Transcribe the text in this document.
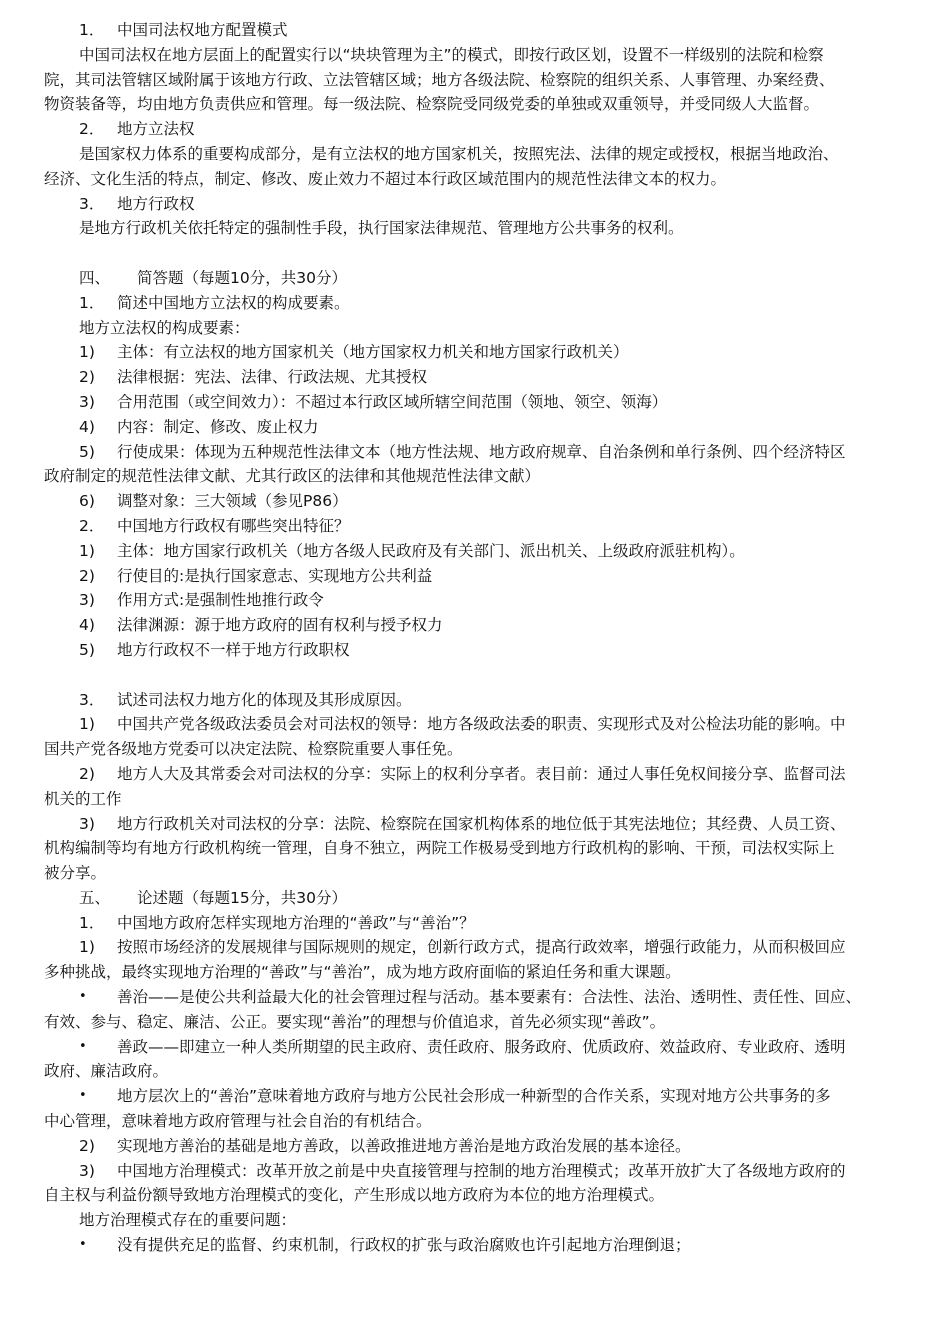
1． 中国司法权地方配置模式
中国司法权在地方层面上的配置实行以“块块管理为主”的模式，即按行政区划，设置不一样级别的法院和检察
院，其司法管辖区域附属于该地方行政、立法管辖区域；地方各级法院、检察院的组织关系、人事管理、办案经费、
物资装备等，均由地方负责供应和管理。每一级法院、检察院受同级党委的单独或双重领导，并受同级人大监督。
2． 地方立法权
是国家权力体系的重要构成部分，是有立法权的地方国家机关，按照宪法、法律的规定或授权，根据当地政治、
经济、文化生活的特点，制定、修改、废止效力不超过本行政区域范围内的规范性法律文本的权力。
3． 地方行政权
是地方行政机关依托特定的强制性手段，执行国家法律规范、管理地方公共事务的权利。
四、	简答题（每题10分，共30分）
1． 简述中国地方立法权的构成要素。
地方立法权的构成要素：
1)	主体：有立法权的地方国家机关（地方国家权力机关和地方国家行政机关）
2)	法律根据：宪法、法律、行政法规、尤其授权
3)	合用范围（或空间效力）：不超过本行政区域所辖空间范围（领地、领空、领海）
4)	内容：制定、修改、废止权力
5)	行使成果：体现为五种规范性法律文本（地方性法规、地方政府规章、自治条例和单行条例、四个经济特区
政府制定的规范性法律文献、尤其行政区的法律和其他规范性法律文献）
6)	调整对象：三大领域（参见P86）
2． 中国地方行政权有哪些突出特征？
1)	主体：地方国家行政机关（地方各级人民政府及有关部门、派出机关、上级政府派驻机构）。
2)	行使目的:是执行国家意志、实现地方公共利益
3)	作用方式:是强制性地推行政令
4)	法律渊源：源于地方政府的固有权利与授予权力
5)	地方行政权不一样于地方行政职权
3． 试述司法权力地方化的体现及其形成原因。
1)	中国共产党各级政法委员会对司法权的领导：地方各级政法委的职责、实现形式及对公检法功能的影响。中
国共产党各级地方党委可以决定法院、检察院重要人事任免。
2)	地方人大及其常委会对司法权的分享：实际上的权利分享者。表目前：通过人事任免权间接分享、监督司法
机关的工作
3)	地方行政机关对司法权的分享：法院、检察院在国家机构体系的地位低于其宪法地位；其经费、人员工资、
机构编制等均有地方行政机构统一管理，自身不独立，两院工作极易受到地方行政机构的影响、干预，司法权实际上
被分享。
五、	论述题（每题15分，共30分）
1． 中国地方政府怎样实现地方治理的“善政”与“善治”？
1)	按照市场经济的发展规律与国际规则的规定，创新行政方式，提高行政效率，增强行政能力，从而积极回应
多种挑战，最终实现地方治理的“善政”与“善治”，成为地方政府面临的紧迫任务和重大课题。
•	善治——是使公共利益最大化的社会管理过程与活动。基本要素有：合法性、法治、透明性、责任性、回应、
有效、参与、稳定、廉洁、公正。要实现“善治”的理想与价值追求，首先必须实现“善政”。
•	善政——即建立一种人类所期望的民主政府、责任政府、服务政府、优质政府、效益政府、专业政府、透明
政府、廉洁政府。
•	地方层次上的“善治”意味着地方政府与地方公民社会形成一种新型的合作关系，实现对地方公共事务的多
中心管理，意味着地方政府管理与社会自治的有机结合。
2)	实现地方善治的基础是地方善政，以善政推进地方善治是地方政治发展的基本途径。
3)	中国地方治理模式：改革开放之前是中央直接管理与控制的地方治理模式；改革开放扩大了各级地方政府的
自主权与利益份额导致地方治理模式的变化，产生形成以地方政府为本位的地方治理模式。
地方治理模式存在的重要问题：
•	没有提供充足的监督、约束机制，行政权的扩张与政治腐败也许引起地方治理倒退；
